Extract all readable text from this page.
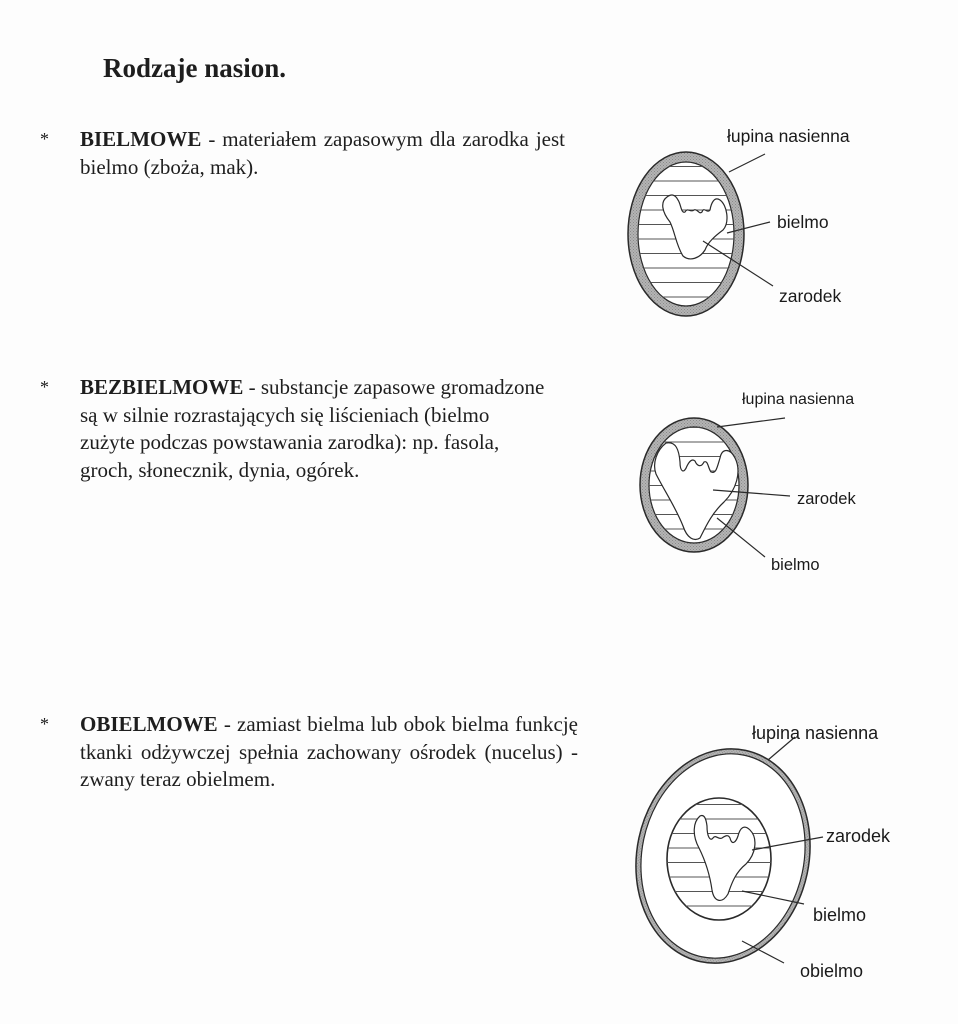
Rodzaje nasion.
* BIELMOWE - materiałem zapasowym dla zarodka jest bielmo (zboża, mak).
* BEZBIELMOWE - substancje zapasowe gromadzone są w silnie rozrastających się liścieniach (bielmo zużyte podczas powstawania zarodka): np. fasola, groch, słonecznik, dynia, ogórek.
* OBIELMOWE - zamiast bielma lub obok bielma funkcję tkanki odżywczej spełnia zachowany ośrodek (nucelus) - zwany teraz obielmem.
łupina nasienna
bielmo
zarodek
łupina nasienna
zarodek
bielmo
łupina nasienna
zarodek
bielmo
obielmo
